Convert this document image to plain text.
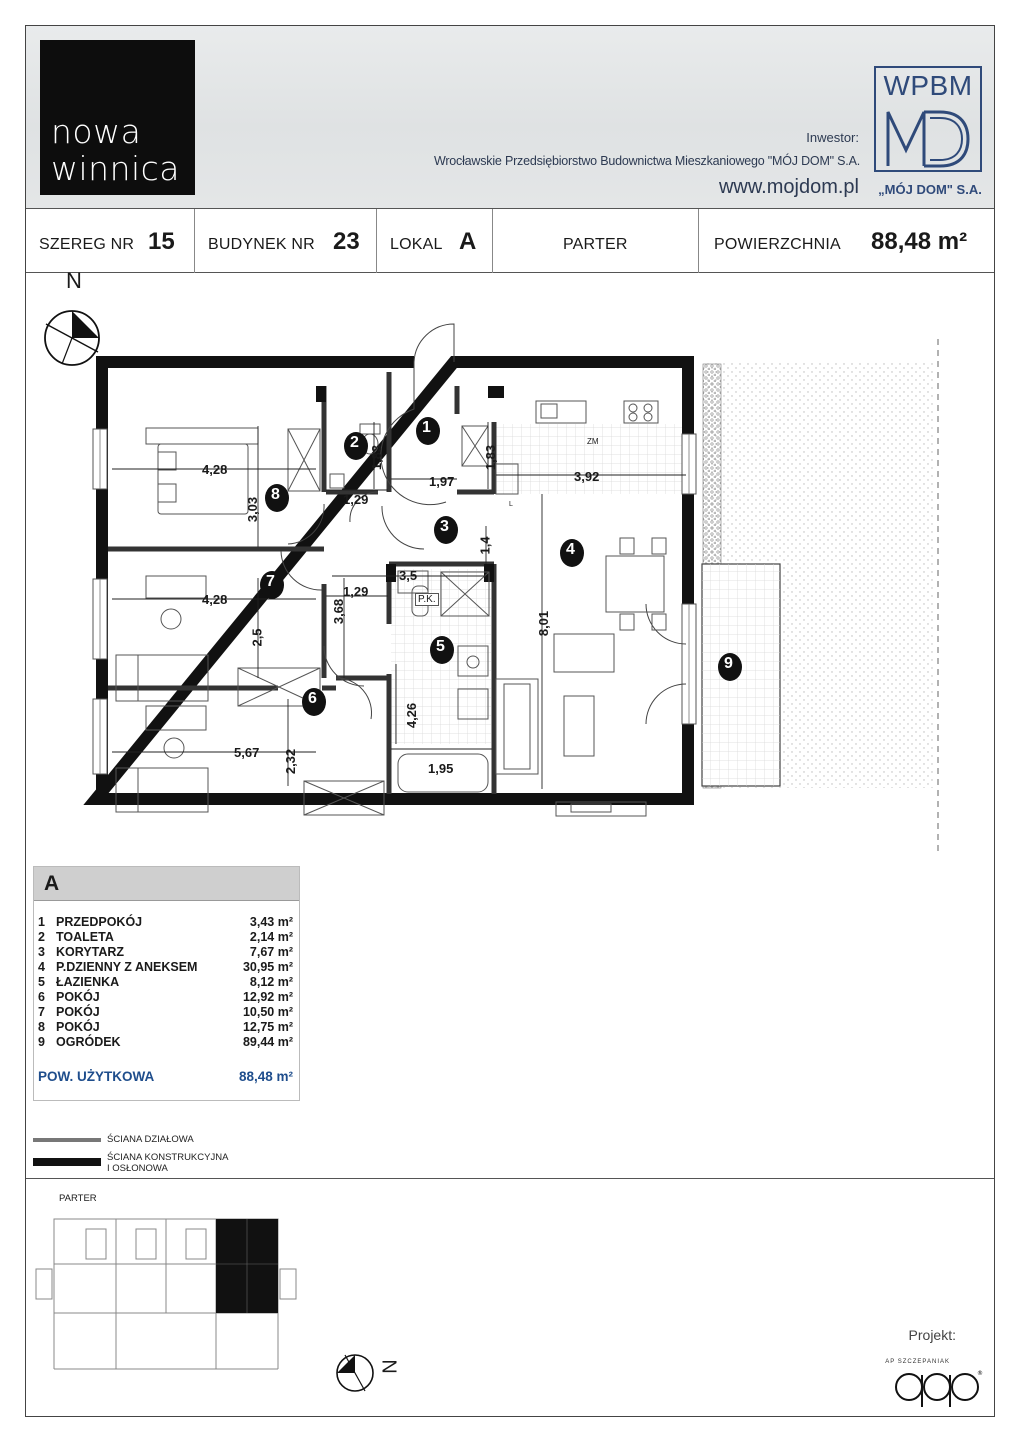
nowa
winnica
Inwestor:
Wrocławskie Przedsiębiorstwo Budownictwa Mieszkaniowego "MÓJ DOM" S.A.
www.mojdom.pl
WPBM
„MÓJ DOM" S.A.
SZEREG NR 15 BUDYNEK NR 23 LOKAL A	PARTER	POWIERZCHNIA 88,48 m²
N
1
2
3
4
5
6
7
8
9
4,28
3,03
1,83
1,29
1,97
1,83
3,92
3,5
1,4
1,29
4,28
2,5
3,68	8,01
4,26
5,67 2,32	1,95
P.K.
ZM
L
A
1 PRZEDPOKÓJ	3,43 m²
2 TOALETA	2,14 m²
3 KORYTARZ	7,67 m²
4 P.DZIENNY Z ANEKSEM	30,95 m²
5 ŁAZIENKA	8,12 m²
6 POKÓJ	12,92 m²
7 POKÓJ	10,50 m²
8 POKÓJ	12,75 m²
9 OGRÓDEK	89,44 m²
POW. UŻYTKOWA	88,48 m²
ŚCIANA DZIAŁOWA
ŚCIANA KONSTRUKCYJNA
I OSŁONOWA
PARTER
N
Projekt:
AP SZCZEPANIAK
®
